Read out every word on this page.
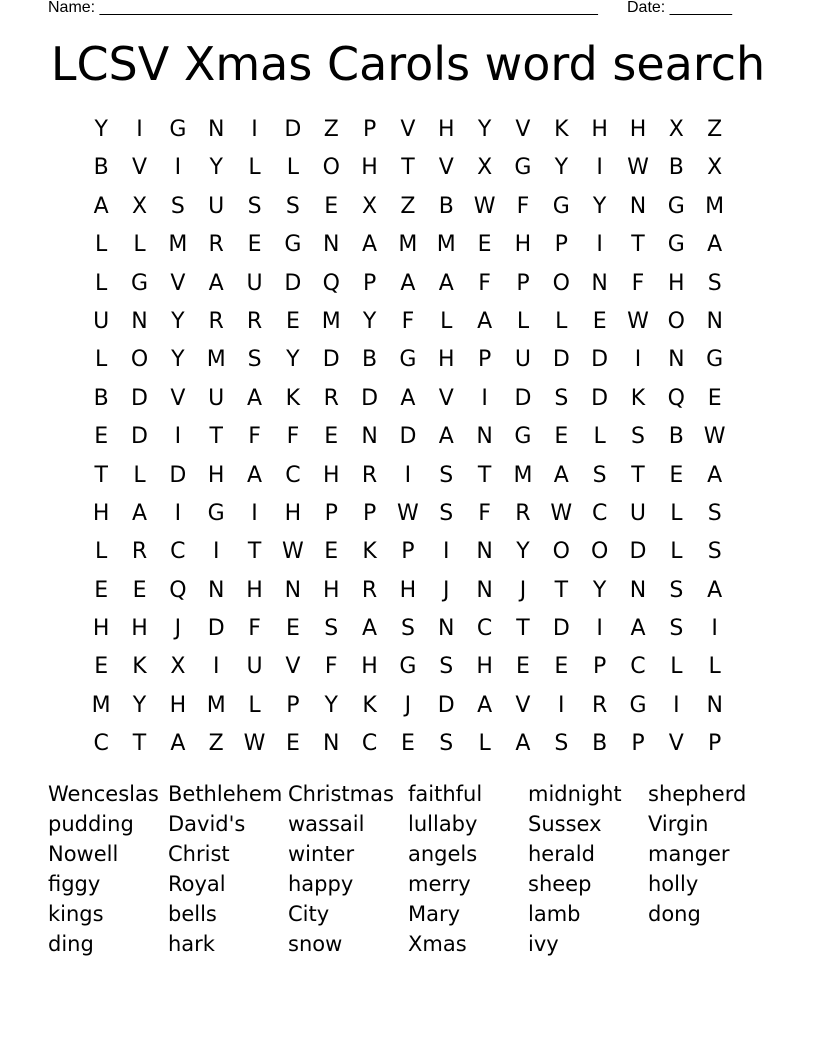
Name: ________________________________________________________ Date: _______
LCSV Xmas Carols word search
Y	I	G N	I	D	Z	P	V	H	Y	V	K	H H	X	Z
B	V	I	Y	L	L	O H	T	V	X	G	Y	I	W B	X
A	X	S	U	S	S	E	X	Z	B W F	G	Y	N G M
L	L	M R	E	G N	A M M E	H	P	I	T	G	A
L	G	V	A	U D Q	P	A	A	F	P	O N	F	H	S
U	N	Y	R	R	E M	Y	F	L	A	L	L	E W O N
L	O	Y	M S	Y	D	B	G H	P	U D D	I	N G
B	D	V	U	A	K	R	D	A	V	I	D	S	D	K	Q	E
E	D	I	T	F	F	E	N D	A	N G	E	L	S	B W
T	L	D H	A	C	H	R	I	S	T	M A	S	T	E	A
H	A	I	G	I	H	P	P W S	F	R W C	U	L	S
L	R	C	I	T W E	K	P	I	N	Y	O O D	L	S
E	E	Q N H N H	R	H	J	N	J	T	Y	N	S	A
H H	J	D	F	E	S	A	S	N	C	T	D	I	A	S	I
E	K	X	I	U	V	F	H G	S	H	E	E	P	C	L	L
M	Y	H M	L	P	Y	K	J	D	A	V	I	R	G	I	N
C	T	A	Z W E	N	C	E	S	L	A	S	B	P	V	P
Wenceslas Bethlehem Christmas faithful	midnight	shepherd
pudding	David's	wassail	lullaby	Sussex	Virgin
Nowell	Christ	winter	angels	herald	manger
figgy	Royal	happy	merry	sheep	holly
kings	bells	City	Mary	lamb	dong
ding	hark	snow	Xmas	ivy
